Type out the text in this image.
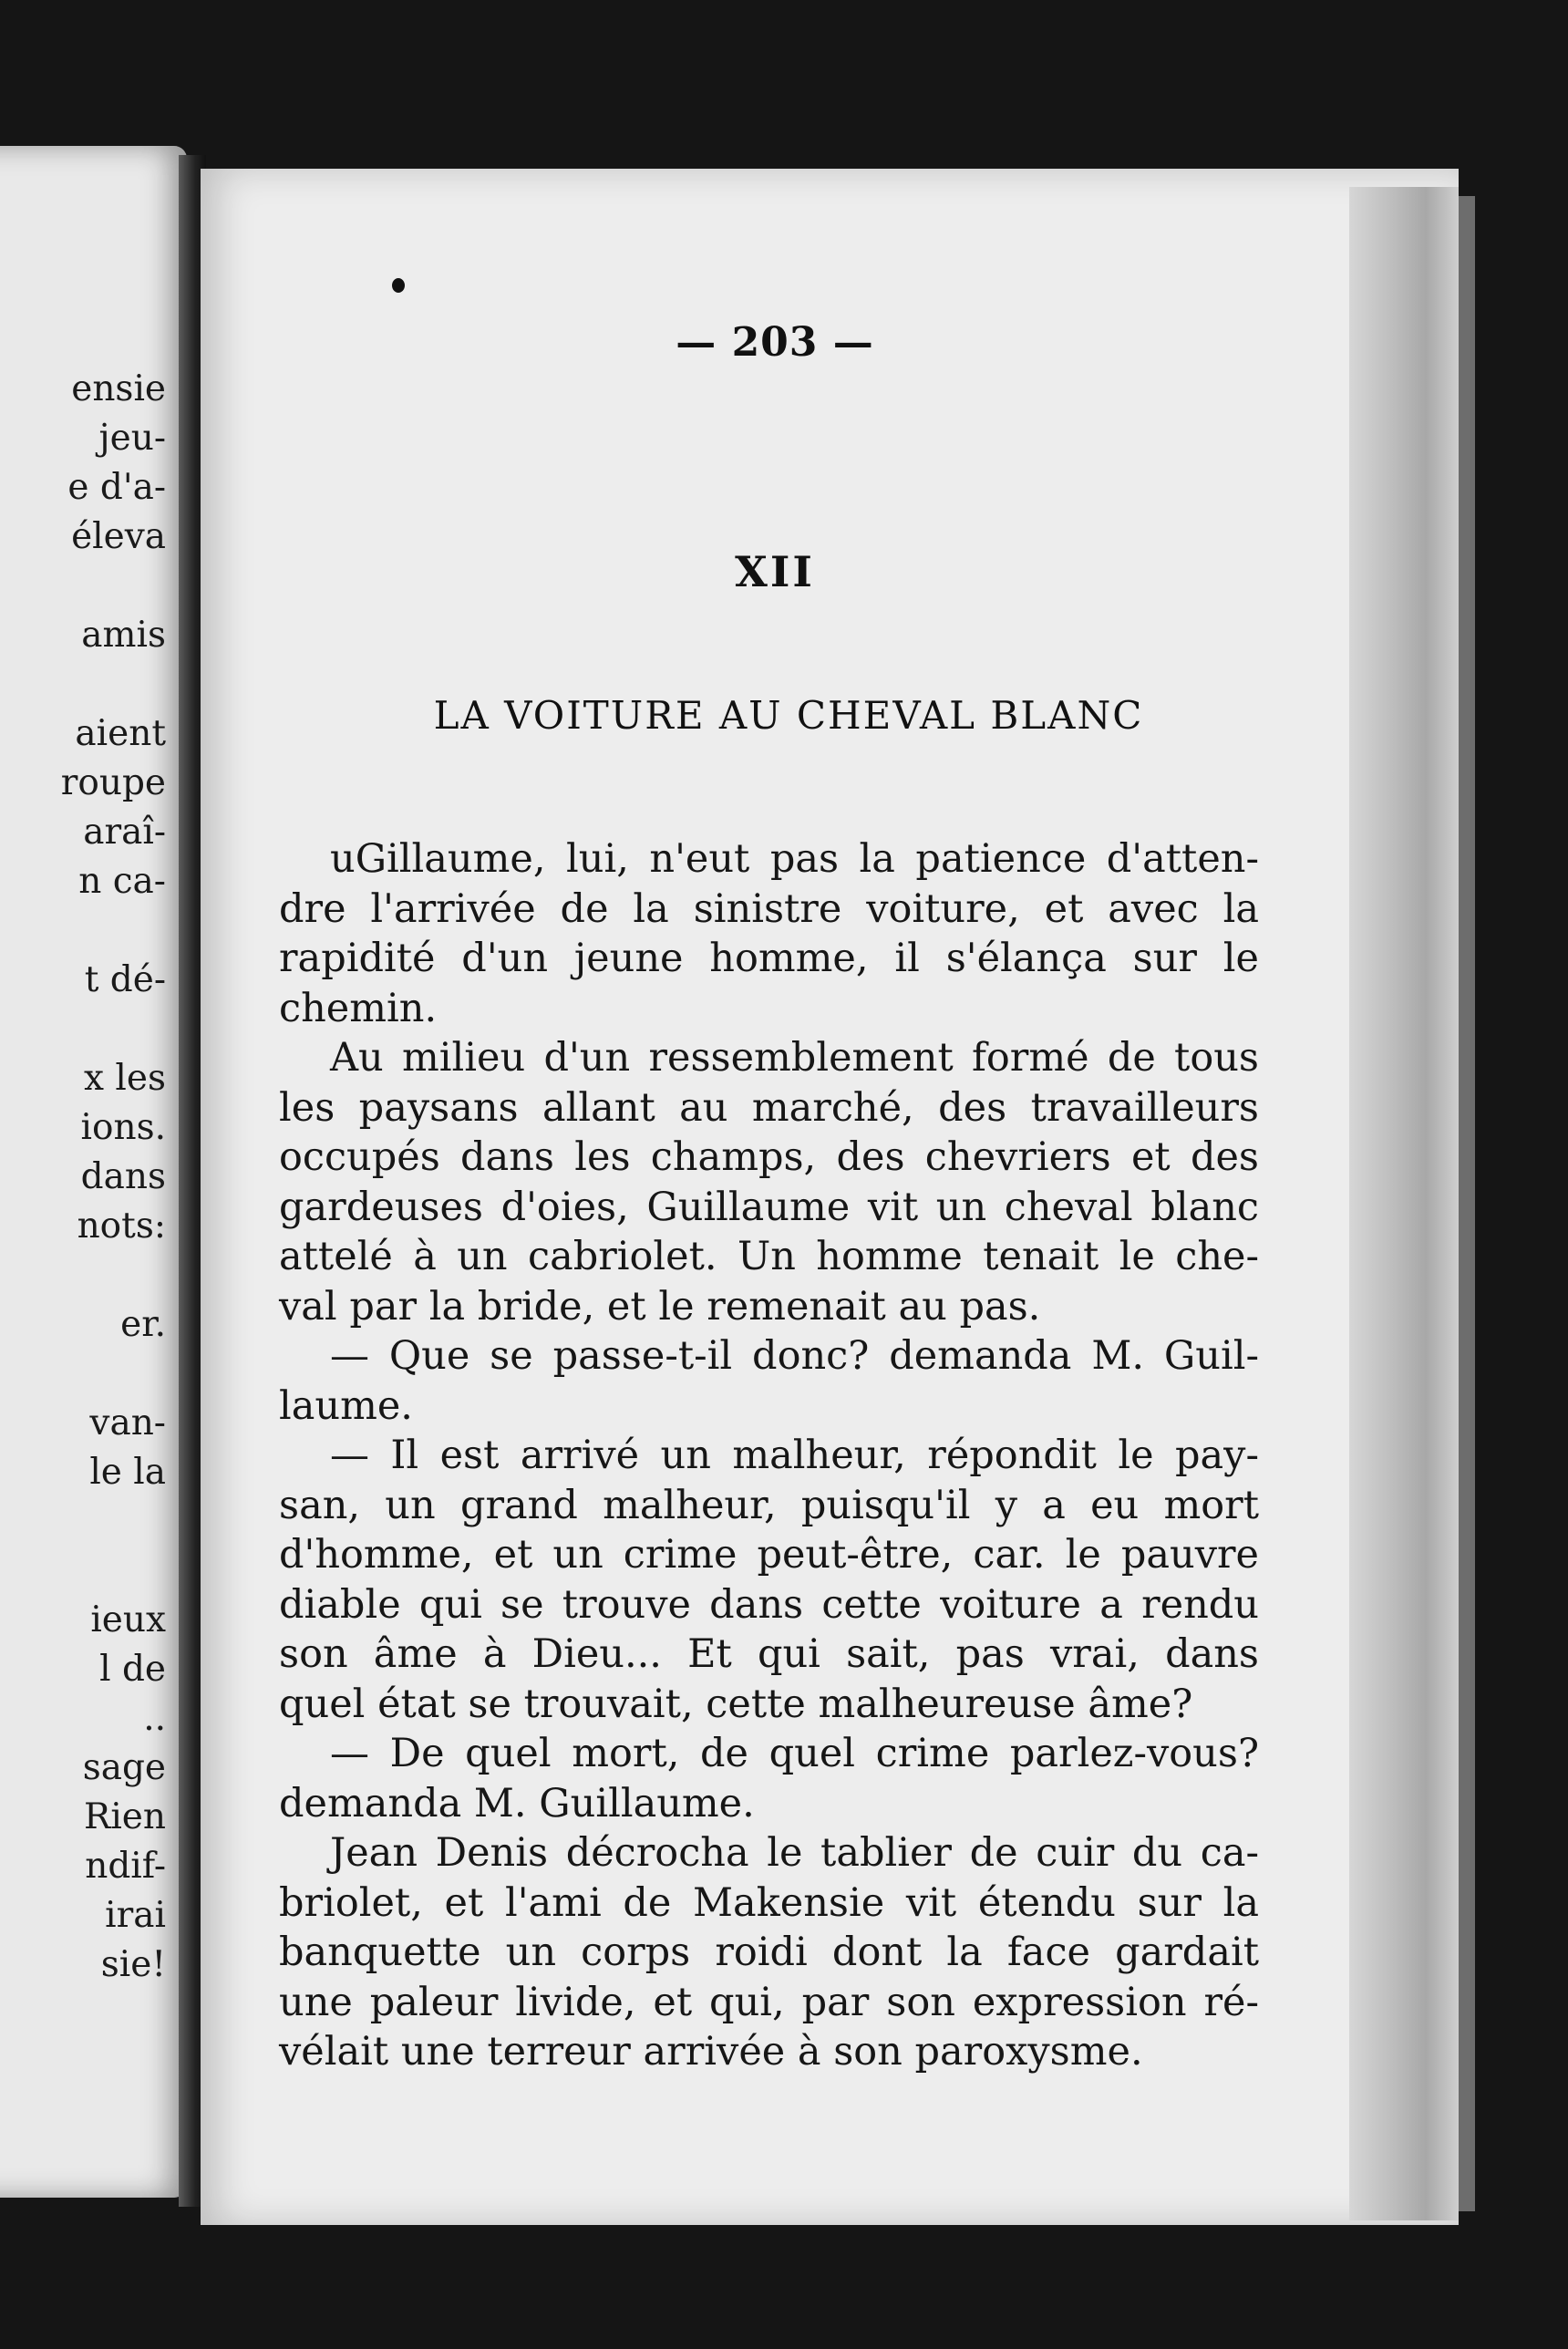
ensie
jeu-
e d'a-
éleva
amis
aient
roupe
araî-
n ca-
t dé-
x les
ions.
dans
nots:
er.
van-
le la
ieux
l de
..
sage
Rien
ndif-
irai
sie!
— 203 —
XII
LA VOITURE AU CHEVAL BLANC

uGillaume, lui, n'eut pas la patience d'atten-
dre l'arrivée de la sinistre voiture, et avec la
rapidité d'un jeune homme, il s'élança sur le
chemin.

Au milieu d'un ressemblement formé de tous
les paysans allant au marché, des travailleurs
occupés dans les champs, des chevriers et des
gardeuses d'oies, Guillaume vit un cheval blanc
attelé à un cabriolet. Un homme tenait le che-
val par la bride, et le remenait au pas.

— Que se passe-t-il donc? demanda M. Guil-
laume.

— Il est arrivé un malheur, répondit le pay-
san, un grand malheur, puisqu'il y a eu mort
d'homme, et un crime peut-être, car. le pauvre
diable qui se trouve dans cette voiture a rendu
son âme à Dieu... Et qui sait, pas vrai, dans
quel état se trouvait, cette malheureuse âme?

— De quel mort, de quel crime parlez-vous?
demanda M. Guillaume.

Jean Denis décrocha le tablier de cuir du ca-
briolet, et l'ami de Makensie vit étendu sur la
banquette un corps roidi dont la face gardait
une paleur livide, et qui, par son expression ré-
vélait une terreur arrivée à son paroxysme.
